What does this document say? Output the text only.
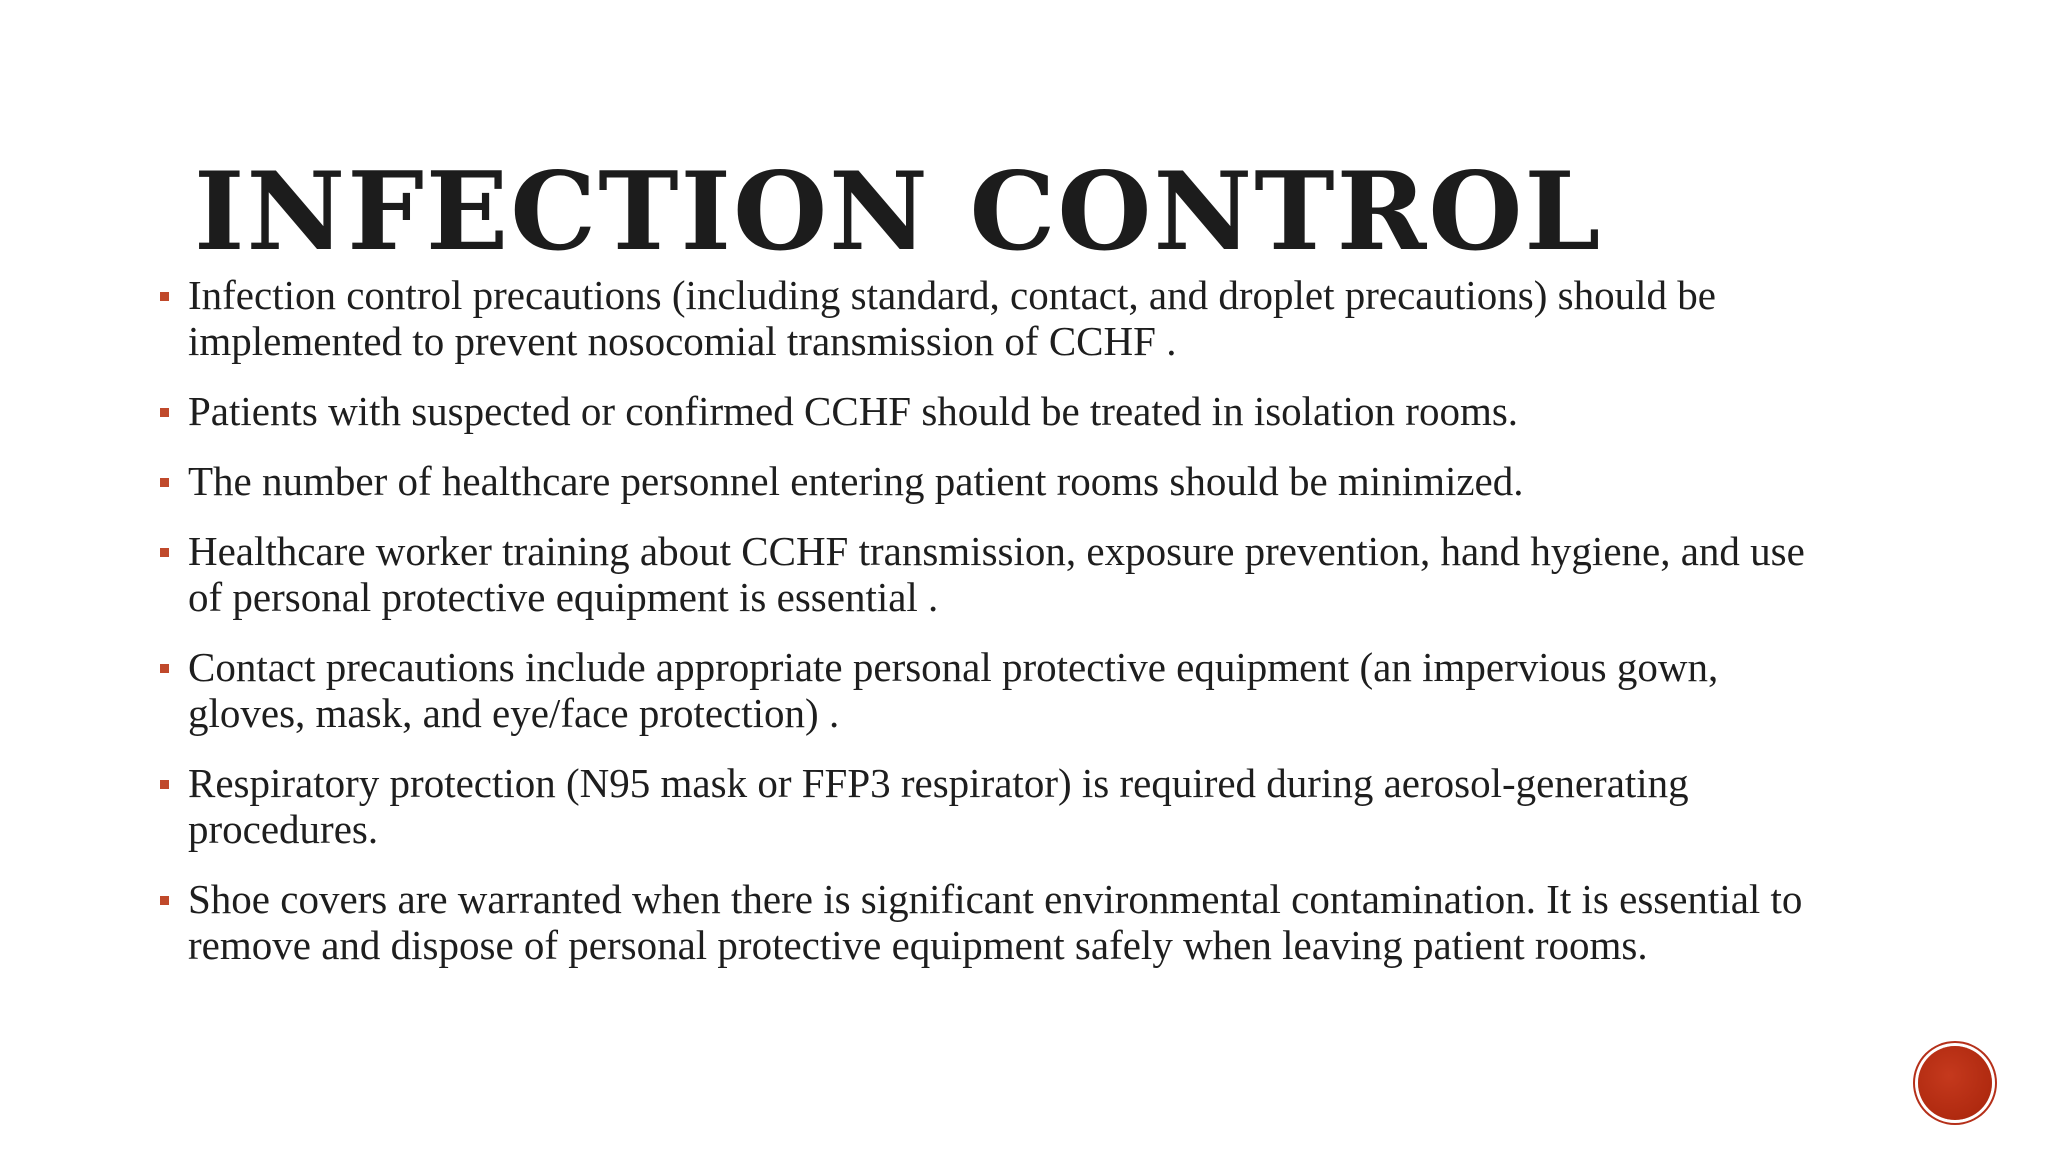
INFECTION CONTROL
Infection control precautions (including standard, contact, and droplet precautions) should be implemented to prevent nosocomial transmission of CCHF .
Patients with suspected or confirmed CCHF should be treated in isolation rooms.
The number of healthcare personnel entering patient rooms should be minimized.
Healthcare worker training about CCHF transmission, exposure prevention, hand hygiene, and use of personal protective equipment is essential .
Contact precautions include appropriate personal protective equipment (an impervious gown, gloves, mask, and eye/face protection) .
Respiratory protection (N95 mask or FFP3 respirator) is required during aerosol-generating procedures.
Shoe covers are warranted when there is significant environmental contamination. It is essential to remove and dispose of personal protective equipment safely when leaving patient rooms.
